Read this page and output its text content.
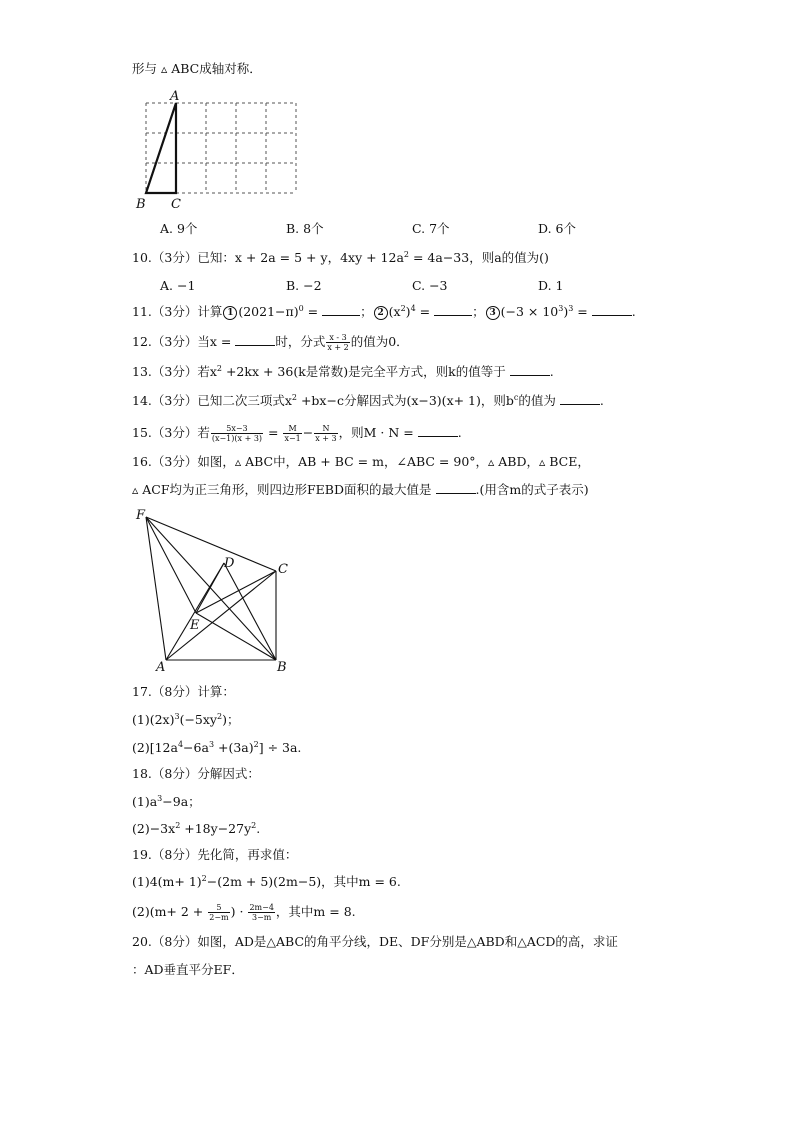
形与 ▵ ABC成轴对称．
A
B C
A. 9个	B. 8个	C. 7个	D. 6个
10.（3分）已知：x + 2a = 5 + y，$4xy + 12a^2 = 4a-33$，则a的值为()
A. −1	B. −2	C. −3	D. 1
11.（3分）计算 1 $(2021-\pi)^0$ =	； 2 $(x^2)^4$ =	； 3 $(-3 \times 10^3)^3$ =	.
12.（3分）当x =	时，分式 $\frac{x - 3}{x + 2}$ 的值为0．
13.（3分）若$x^2 +2kx + 36(k$是常数)是完全平方式，则k的值等于	.
14.（3分）已知二次三项式$x^2 +bx-c$分解因式为(x−3)(x+ 1)，则$b^c$的值为	.
15.（3分）若 $\frac{5x-3}{(x-1)(x + 3)} = \frac{M}{x-1} - \frac{N}{x + 3}$ ，则M · N =	.
16.（3分）如图，▵ ABC中，AB + BC = m，∠ABC = 90°，▵ ABD，▵ BCE，
▵ ACF均为正三角形，则四边形FEBD面积的最大值是	.(用含m的式子表示)
F
D	C
E
A	B
17.（8分）计算：
$(1)(2x)^3(-5xy^2)$；
$(2)[12a^4-6a^3 +(3a)^2] \div 3a$.
18.（8分）分解因式：
$(1)a^3-9a$；
$(2)-3x^2 +18y-27y^2$.
19.（8分）先化简，再求值：
$(1)4(m+ 1)^2-(2m + 5)(2m-5)$，其中m = 6.
$(2)(m+ 2 + \frac{5}{2-m}$ ) · $\frac{2m-4}{3-m}$ ，其中m = 8.
20.（8分）如图，AD是△ABC的角平分线，DE、DF分别是△ABD和△ACD的高，求证
：AD垂直平分EF．
